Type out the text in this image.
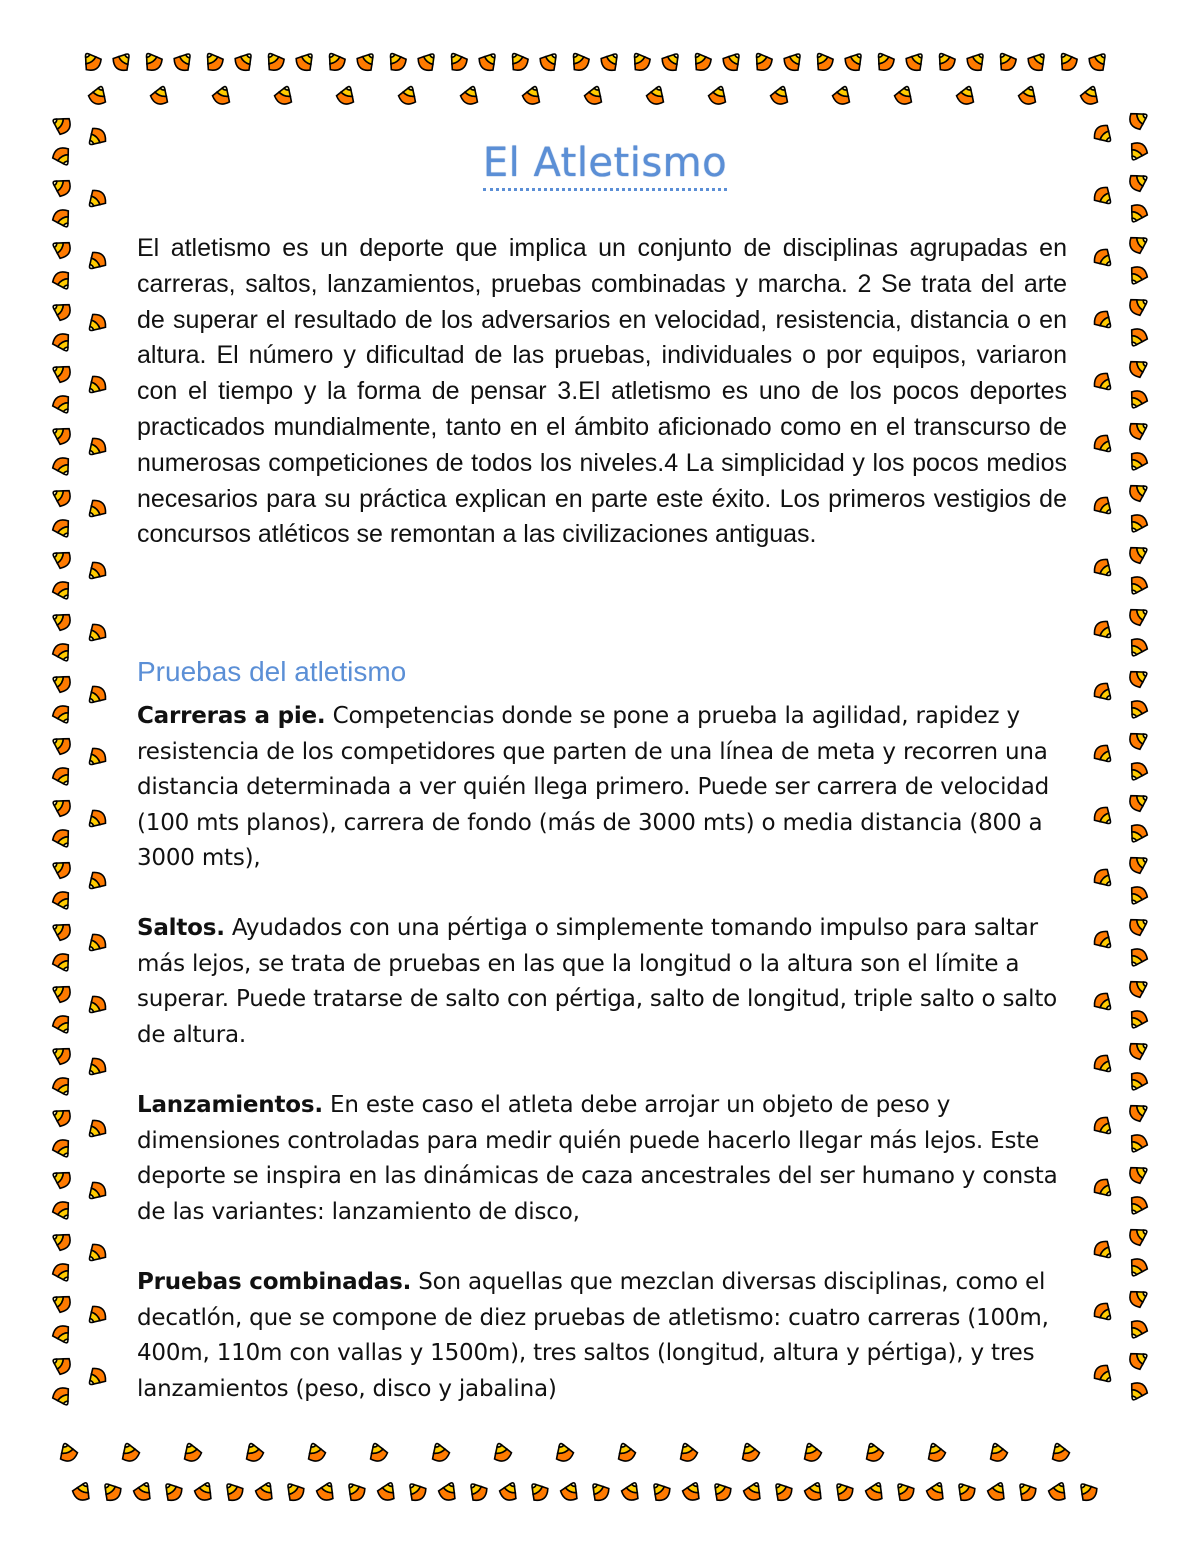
El Atletismo

El atletismo es un deporte que implica un conjunto de disciplinas agrupadas en carreras, saltos, lanzamientos, pruebas combinadas y marcha. 2 Se trata del arte de superar el resultado de los adversarios en velocidad, resistencia, distancia o en altura. El número y dificultad de las pruebas, individuales o por equipos, variaron con el tiempo y la forma de pensar 3.El atletismo es uno de los pocos deportes practicados mundialmente, tanto en el ámbito aficionado como en el transcurso de numerosas competiciones de todos los niveles.4 La simplicidad y los pocos medios necesarios para su práctica explican en parte este éxito. Los primeros vestigios de concursos atléticos se remontan a las civilizaciones antiguas.

Pruebas del atletismo

Carreras a pie. Competencias donde se pone a prueba la agilidad, rapidez y resistencia de los competidores que parten de una línea de meta y recorren una distancia determinada a ver quién llega primero. Puede ser carrera de velocidad (100 mts planos), carrera de fondo (más de 3000 mts) o media distancia (800 a 3000 mts),

Saltos. Ayudados con una pértiga o simplemente tomando impulso para saltar más lejos, se trata de pruebas en las que la longitud o la altura son el límite a superar. Puede tratarse de salto con pértiga, salto de longitud, triple salto o salto de altura.

Lanzamientos. En este caso el atleta debe arrojar un objeto de peso y dimensiones controladas para medir quién puede hacerlo llegar más lejos. Este deporte se inspira en las dinámicas de caza ancestrales del ser humano y consta de las variantes: lanzamiento de disco,

Pruebas combinadas. Son aquellas que mezclan diversas disciplinas, como el decatlón, que se compone de diez pruebas de atletismo: cuatro carreras (100m, 400m, 110m con vallas y 1500m), tres saltos (longitud, altura y pértiga), y tres lanzamientos (peso, disco y jabalina)
